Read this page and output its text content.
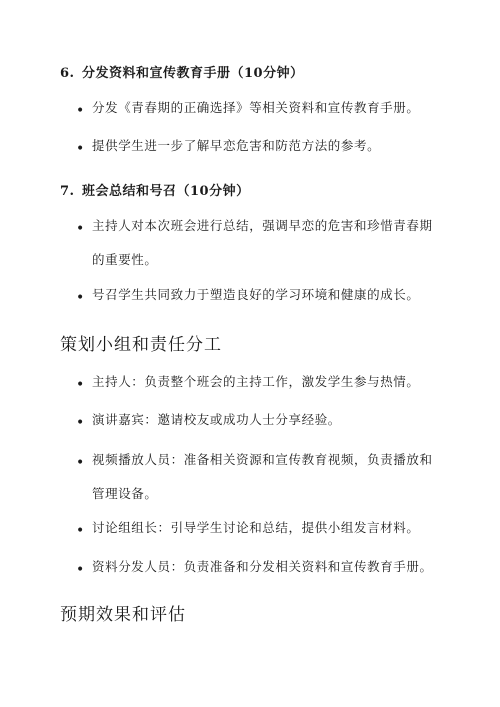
6. 分发资料和宣传教育手册（10分钟）
• 分发《青春期的正确选择》等相关资料和宣传教育手册。
• 提供学生进一步了解早恋危害和防范方法的参考。
7. 班会总结和号召（10分钟）
• 主持人对本次班会进行总结，强调早恋的危害和珍惜青春期的重要性。
• 号召学生共同致力于塑造良好的学习环境和健康的成长。
策划小组和责任分工
• 主持人：负责整个班会的主持工作，激发学生参与热情。
• 演讲嘉宾：邀请校友或成功人士分享经验。
• 视频播放人员：准备相关资源和宣传教育视频，负责播放和管理设备。
• 讨论组组长：引导学生讨论和总结，提供小组发言材料。
• 资料分发人员：负责准备和分发相关资料和宣传教育手册。
预期效果和评估
